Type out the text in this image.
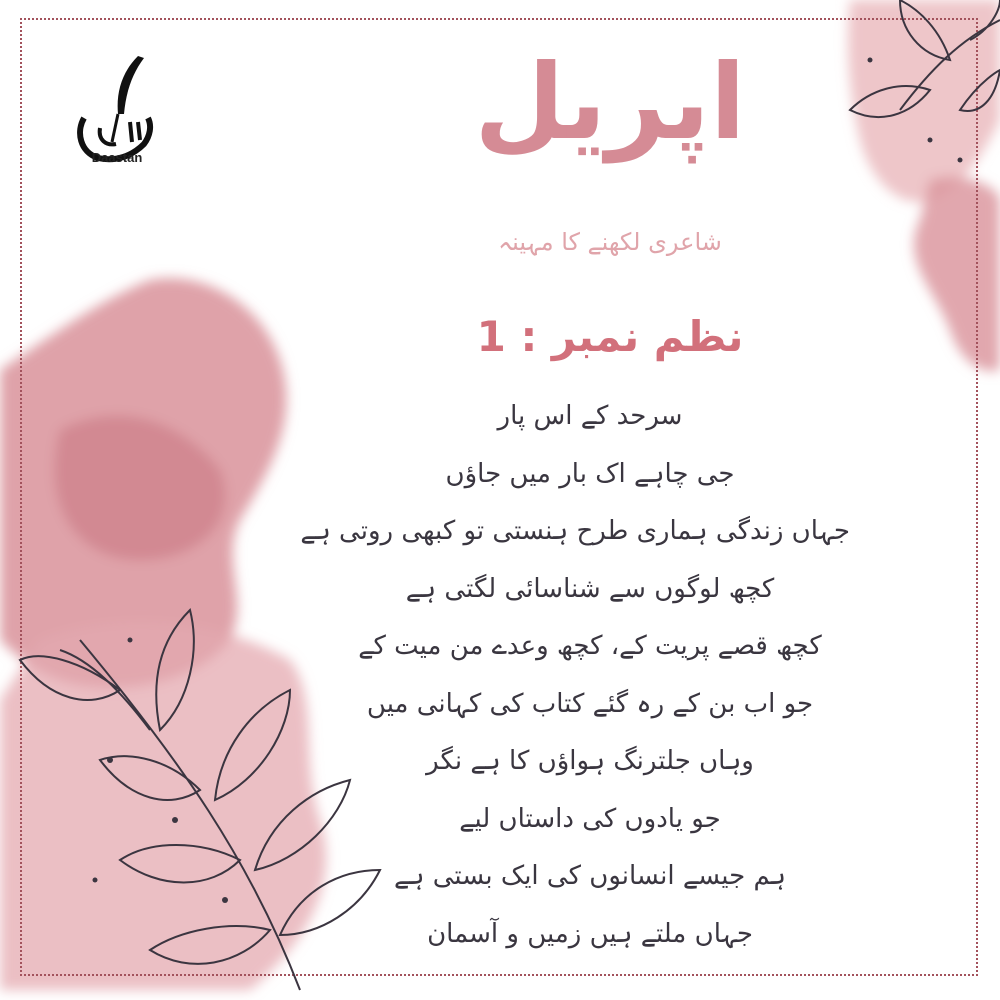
Daastan	اپریل
شاعری لکھنے کا مہینہ
نظم نمبر : 1
سرحد کے اس پار
جی چاہے اک بار میں جاؤں
جہاں زندگی ہماری طرح ہنستی تو کبھی روتی ہے
کچھ لوگوں سے شناسائی لگتی ہے
کچھ قصے پریت کے، کچھ وعدے من میت کے
جو اب بن کے رہ گئے کتاب کی کہانی میں
وہاں جلترنگ ہواؤں کا ہے نگر
جو یادوں کی داستاں لیے
ہم جیسے انسانوں کی ایک بستی ہے
جہاں ملتے ہیں زمیں و آسمان
